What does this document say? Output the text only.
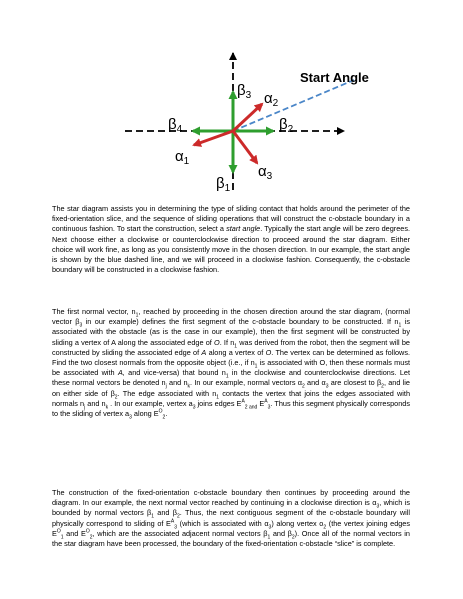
Start Angle
$\beta_3$ $\alpha_2$
$\beta_2$
$\beta_4$
$\alpha_1$
$\alpha_3$
$\beta_1$

The star diagram assists you in determining the type of sliding contact that holds around the perimeter of the fixed-orientation slice, and the sequence of sliding operations that will construct the c-obstacle boundary in a continuous fashion. To start the construction, select a start angle. Typically the start angle will be zero degrees. Next choose either a clockwise or counterclockwise direction to proceed around the star diagram. Either choice will work fine, as long as you consistently move in the chosen direction. In our example, the start angle is shown by the blue dashed line, and we will proceed in a clockwise fashion. Consequently, the c-obstacle boundary will be constructed in a clockwise fashion.

The first normal vector, $n_1$, reached by proceeding in the chosen direction around the star diagram, (normal vector $\beta_3$ in our example) defines the first segment of the c-obstacle boundary to be constructed. If $n_1$ is associated with the obstacle (as is the case in our example), then the first segment will be constructed by sliding a vertex of A along the associated edge of O. If $n_1$ was derived from the robot, then the segment will be constructed by sliding the associated edge of A along a vertex of O. The vertex can be determined as follows. Find the two closest normals from the opposite object (i.e., if $n_1$ is associated with O, then these normals must be associated with A, and vice-versa) that bound $n_1$ in the clockwise and counterclockwise directions. Let these normal vectors be denoted $n_j$ and $n_k$. In our example, normal vectors $\alpha_2$ and $\alpha_3$ are closest to $\beta_2$, and lie on either side of $\beta_2$. The edge associated with $n_1$ contacts the vertex that joins the edges associated with normals $n_j$ and $n_k$ . In our example, vertex $a_3$ joins edges $E^A_{2 and}$ $E^A_3$. Thus this segment physically corresponds to the sliding of vertex $a_3$ along $E^O_2$.

The construction of the fixed-orientation c-obstacle boundary then continues by proceeding around the diagram. In our example, the next normal vector reached by continuing in a clockwise direction is $\alpha_3$, which is bounded by normal vectors $\beta_1$ and $\beta_2$. Thus, the next contiguous segment of the c-obstacle boundary will physically correspond to sliding of $E^A_3$ (which is associated with $\alpha_3$) along vertex $o_2$ (the vertex joining edges $E^O_1$ and $E^O_2$, which are the associated adjacent normal vectors $\beta_1$ and $\beta_2$). Once all of the normal vectors in the star diagram have been processed, the boundary of the fixed-orientation c-obstacle “slice” is complete.
